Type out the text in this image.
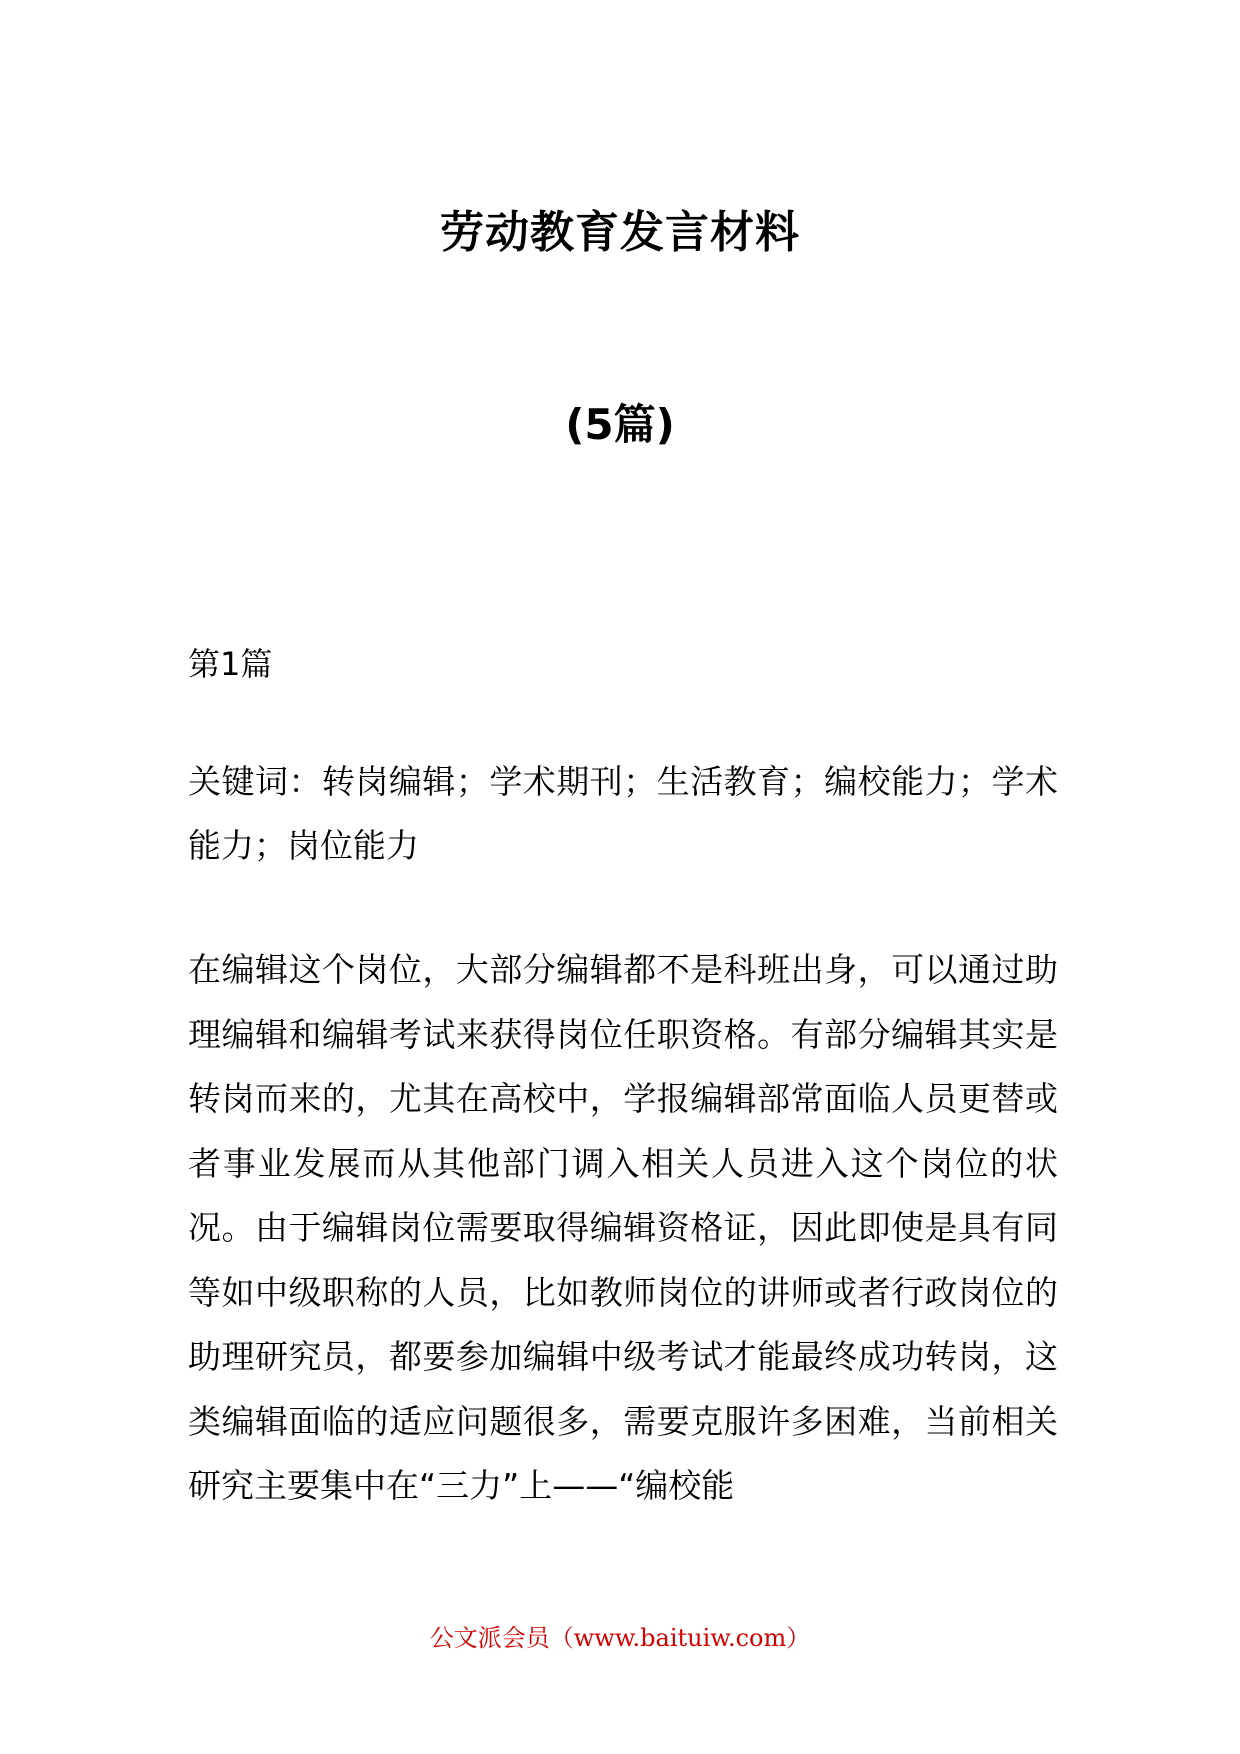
劳动教育发言材料
(5篇)

第1篇

关键词：转岗编辑；学术期刊；生活教育；编校能力；学术能力；岗位能力

在编辑这个岗位，大部分编辑都不是科班出身，可以通过助理编辑和编辑考试来获得岗位任职资格。有部分编辑其实是转岗而来的，尤其在高校中，学报编辑部常面临人员更替或者事业发展而从其他部门调入相关人员进入这个岗位的状况。由于编辑岗位需要取得编辑资格证，因此即使是具有同等如中级职称的人员，比如教师岗位的讲师或者行政岗位的助理研究员，都要参加编辑中级考试才能最终成功转岗，这类编辑面临的适应问题很多，需要克服许多困难，当前相关研究主要集中在“三力”上——“编校能

公文派会员（www.baituiw.com）
